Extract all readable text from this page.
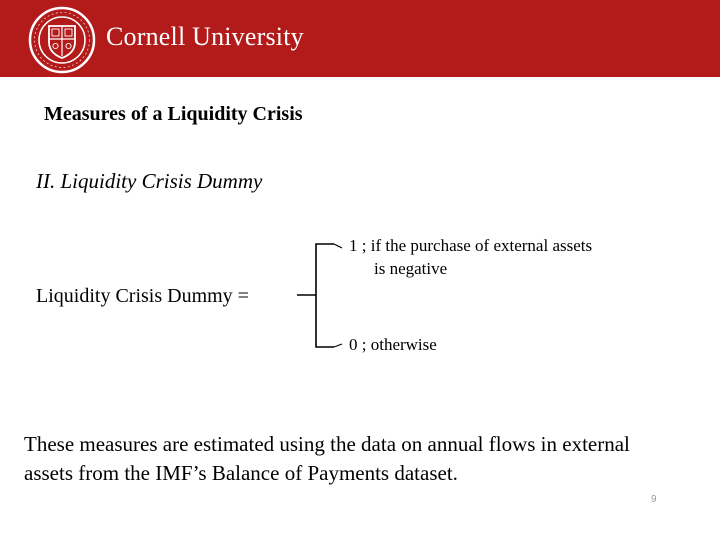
Cornell University
Measures of a Liquidity Crisis
II. Liquidity Crisis Dummy
Liquidity Crisis Dummy =
1 ; if the purchase of external assets
is negative
0 ; otherwise
These measures are estimated using the data on annual flows in external assets from the IMF’s Balance of Payments dataset.
9
